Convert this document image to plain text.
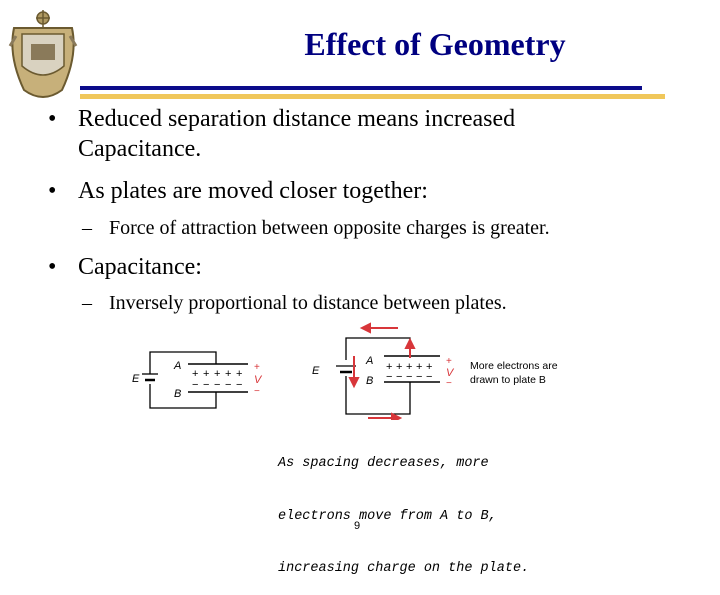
Effect of Geometry
• Reduced separation distance means increased
Capacitance.
• As plates are moved closer together:
– Force of attraction between opposite charges is greater.
• Capacitance:
– Inversely proportional to distance between plates.
E
A
B
+ + + + +
− − − − −
+
V
−
E
A
B
+ + + + +
− − − − −
+
V
−
More electrons are
drawn to plate B

As spacing decreases, more

electrons move from A to B,

increasing charge on the plate.

9
